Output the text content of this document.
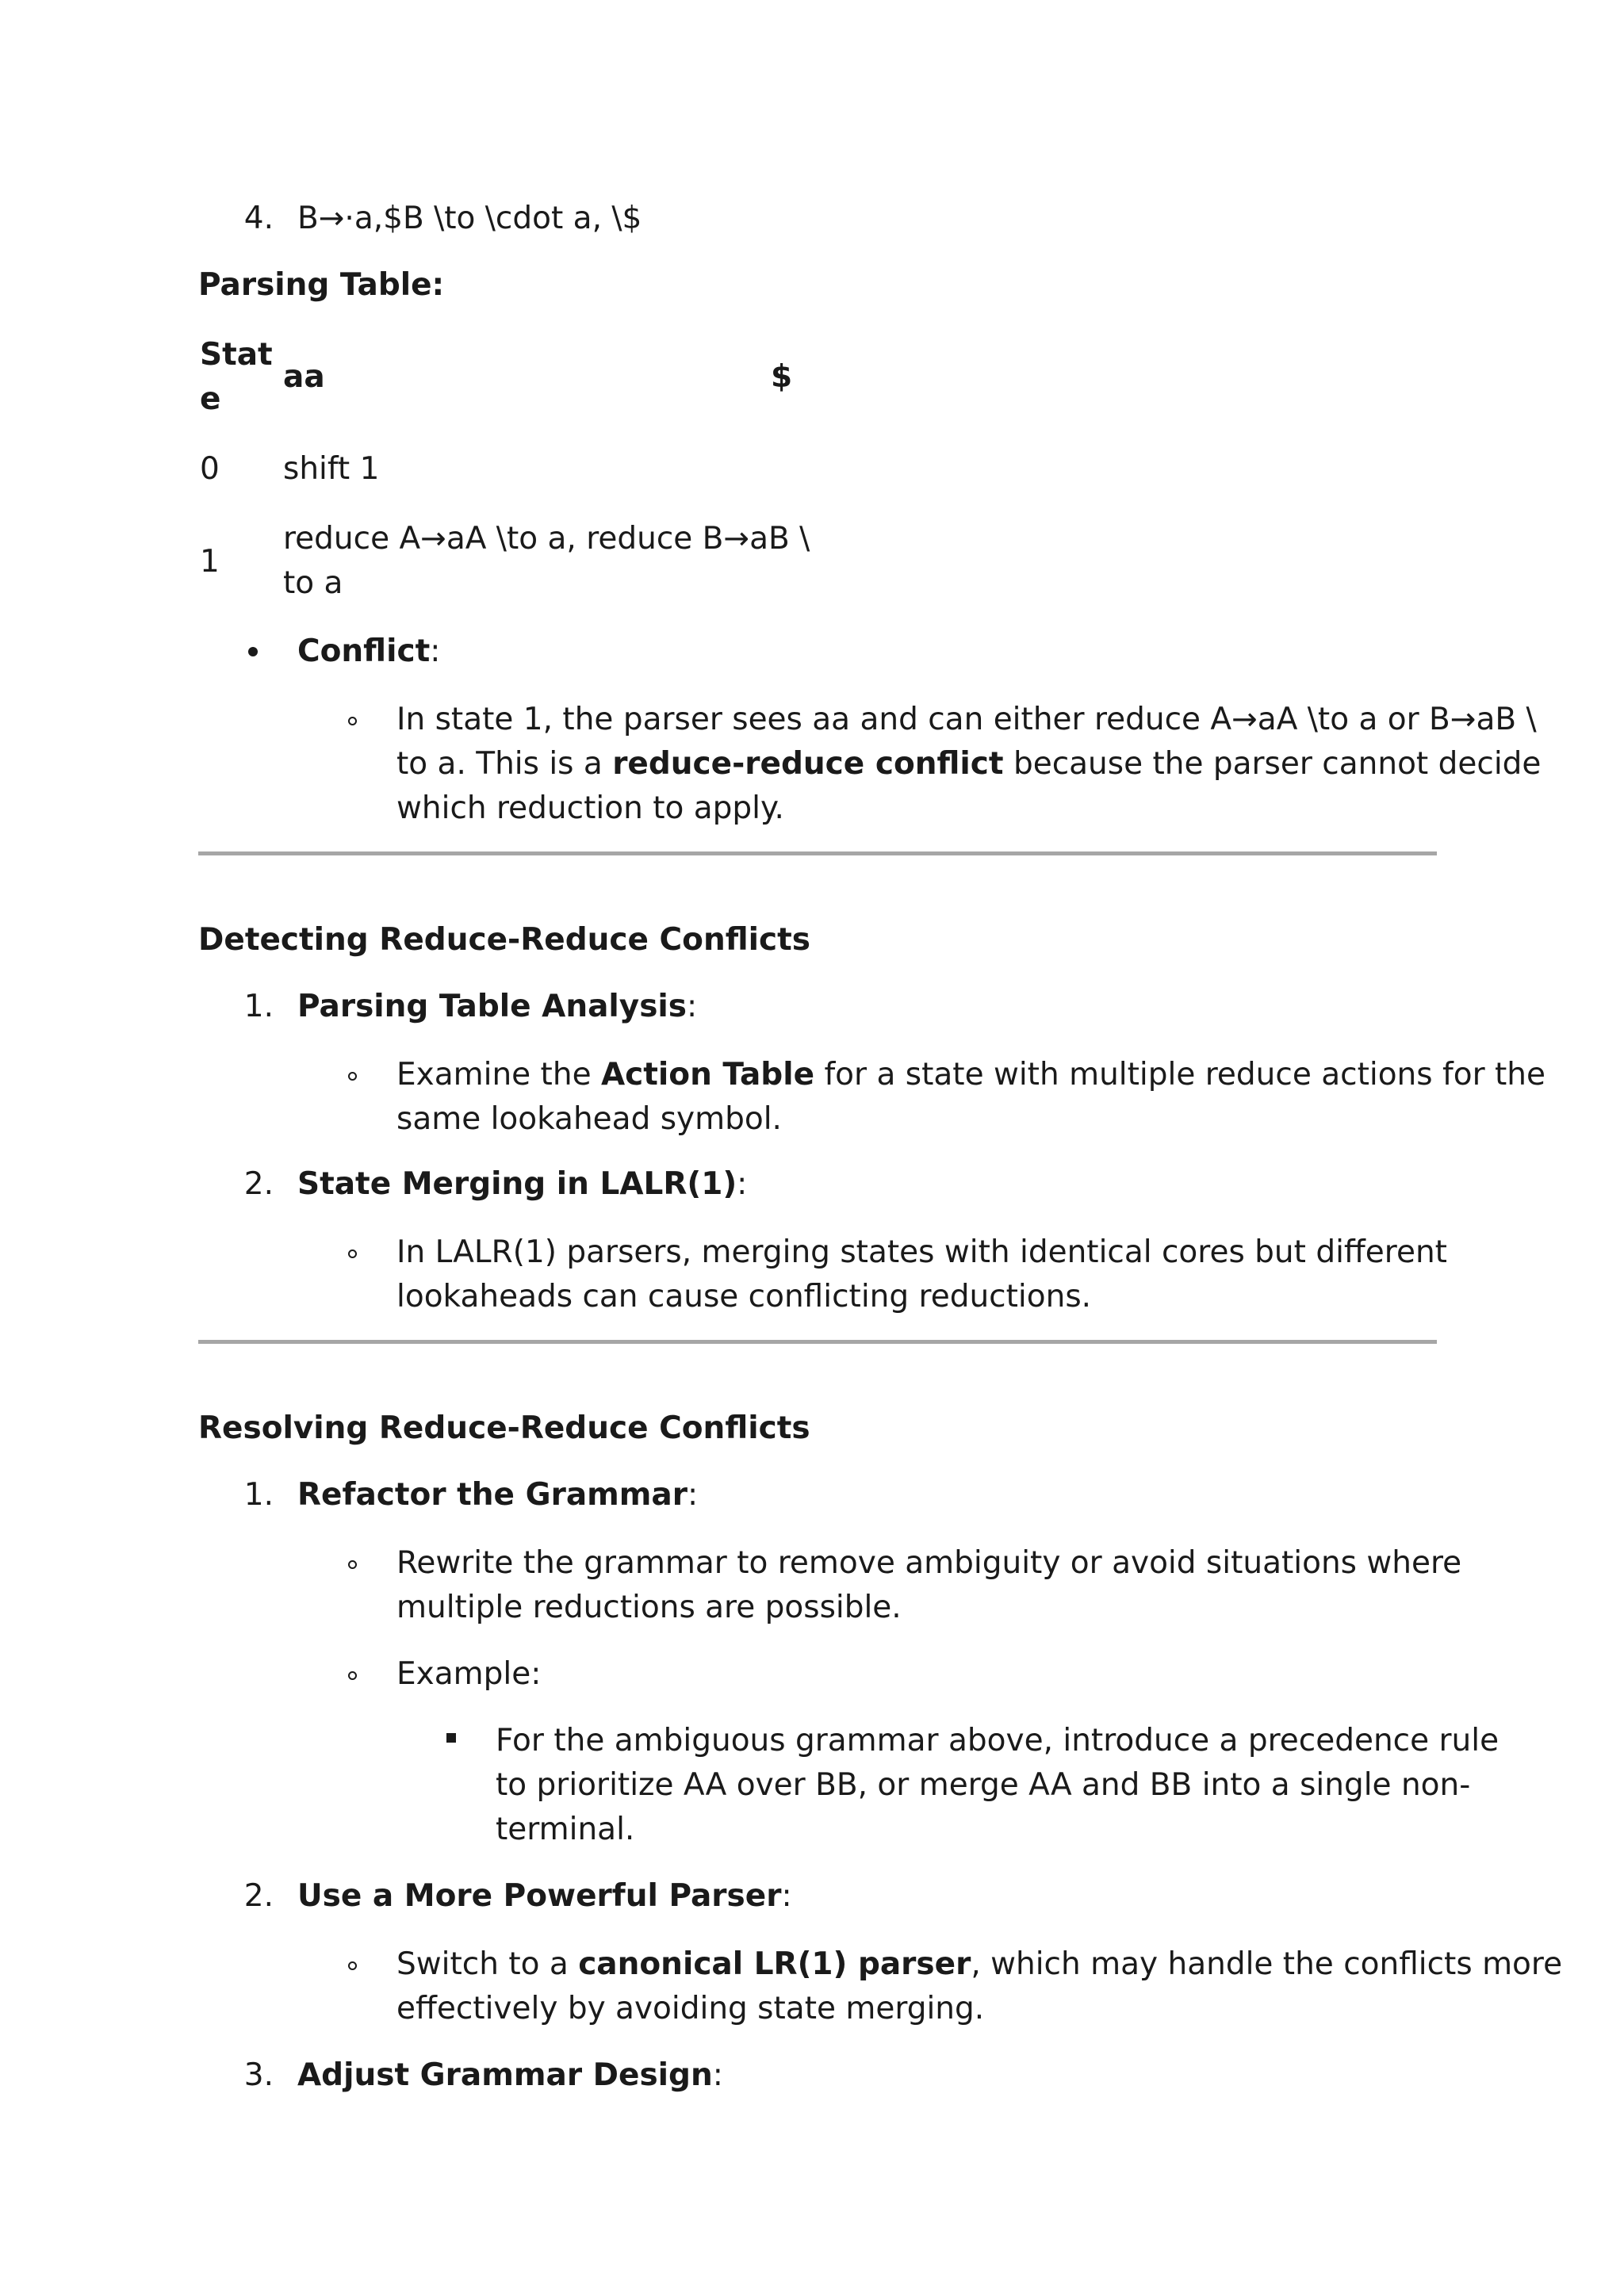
4. B→·a,$B \to \cdot a, \$
Parsing Table:
Stat
e
aa	$
0 shift 1
1
reduce A→aA \to a, reduce B→aB \
to a
Conflict:
In state 1, the parser sees aa and can either reduce A→aA \to a or B→aB \
to a. This is a reduce-reduce conflict because the parser cannot decide
which reduction to apply.
Detecting Reduce-Reduce Conflicts
1. Parsing Table Analysis:
Examine the Action Table for a state with multiple reduce actions for the
same lookahead symbol.
2. State Merging in LALR(1):
In LALR(1) parsers, merging states with identical cores but different
lookaheads can cause conflicting reductions.
Resolving Reduce-Reduce Conflicts
1. Refactor the Grammar:
Rewrite the grammar to remove ambiguity or avoid situations where
multiple reductions are possible.
Example:
For the ambiguous grammar above, introduce a precedence rule
to prioritize AA over BB, or merge AA and BB into a single non-
terminal.
2. Use a More Powerful Parser:
Switch to a canonical LR(1) parser, which may handle the conflicts more
effectively by avoiding state merging.
3. Adjust Grammar Design:
